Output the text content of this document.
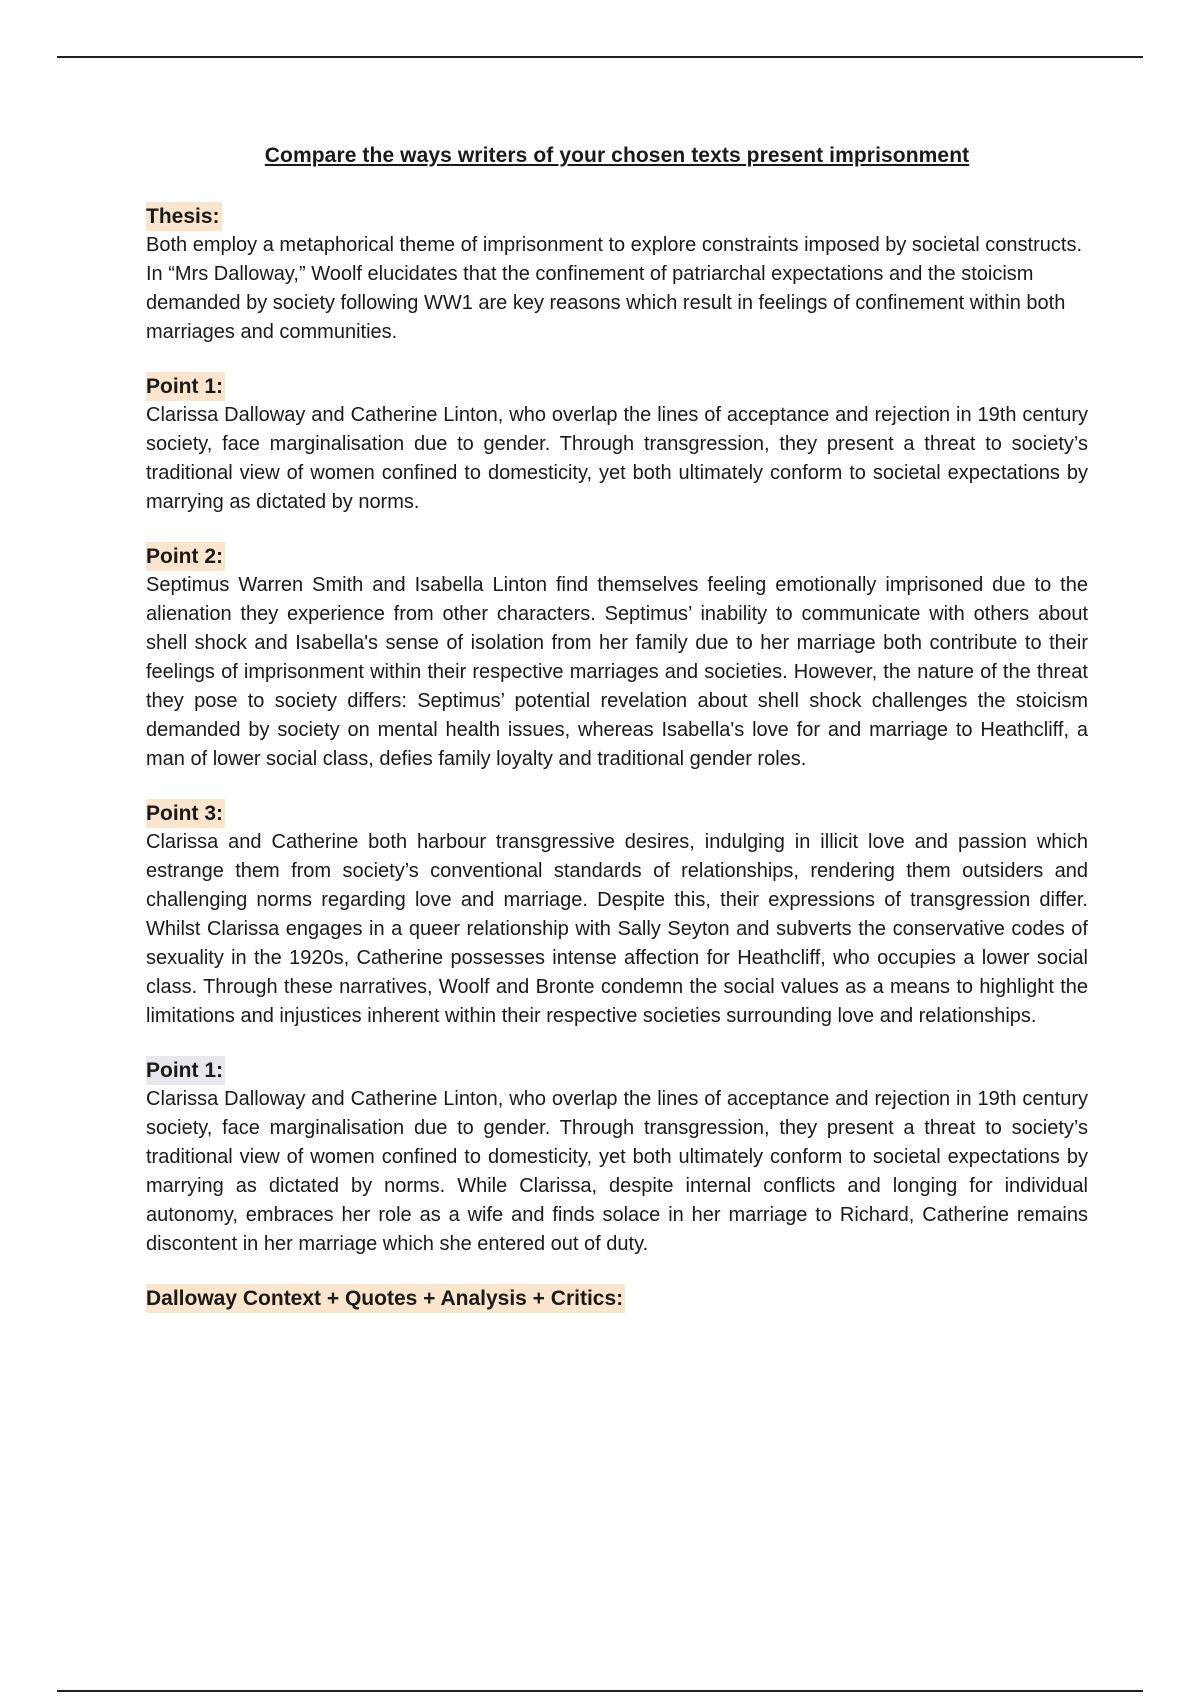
Compare the ways writers of your chosen texts present imprisonment
Thesis:

Both employ a metaphorical theme of imprisonment to explore constraints imposed by societal constructs. In “Mrs Dalloway,” Woolf elucidates that the confinement of patriarchal expectations and the stoicism demanded by society following WW1 are key reasons which result in feelings of confinement within both marriages and communities.

Point 1:

Clarissa Dalloway and Catherine Linton, who overlap the lines of acceptance and rejection in 19th century society, face marginalisation due to gender. Through transgression, they present a threat to society’s traditional view of women confined to domesticity, yet both ultimately conform to societal expectations by marrying as dictated by norms.

Point 2:

Septimus Warren Smith and Isabella Linton find themselves feeling emotionally imprisoned due to the alienation they experience from other characters. Septimus’ inability to communicate with others about shell shock and Isabella's sense of isolation from her family due to her marriage both contribute to their feelings of imprisonment within their respective marriages and societies. However, the nature of the threat they pose to society differs: Septimus’ potential revelation about shell shock challenges the stoicism demanded by society on mental health issues, whereas Isabella's love for and marriage to Heathcliff, a man of lower social class, defies family loyalty and traditional gender roles.

Point 3:

Clarissa and Catherine both harbour transgressive desires, indulging in illicit love and passion which estrange them from society’s conventional standards of relationships, rendering them outsiders and challenging norms regarding love and marriage. Despite this, their expressions of transgression differ. Whilst Clarissa engages in a queer relationship with Sally Seyton and subverts the conservative codes of sexuality in the 1920s, Catherine possesses intense affection for Heathcliff, who occupies a lower social class. Through these narratives, Woolf and Bronte condemn the social values as a means to highlight the limitations and injustices inherent within their respective societies surrounding love and relationships.

Point 1:

Clarissa Dalloway and Catherine Linton, who overlap the lines of acceptance and rejection in 19th century society, face marginalisation due to gender. Through transgression, they present a threat to society’s traditional view of women confined to domesticity, yet both ultimately conform to societal expectations by marrying as dictated by norms. While Clarissa, despite internal conflicts and longing for individual autonomy, embraces her role as a wife and finds solace in her marriage to Richard, Catherine remains discontent in her marriage which she entered out of duty.

Dalloway Context + Quotes + Analysis + Critics:
